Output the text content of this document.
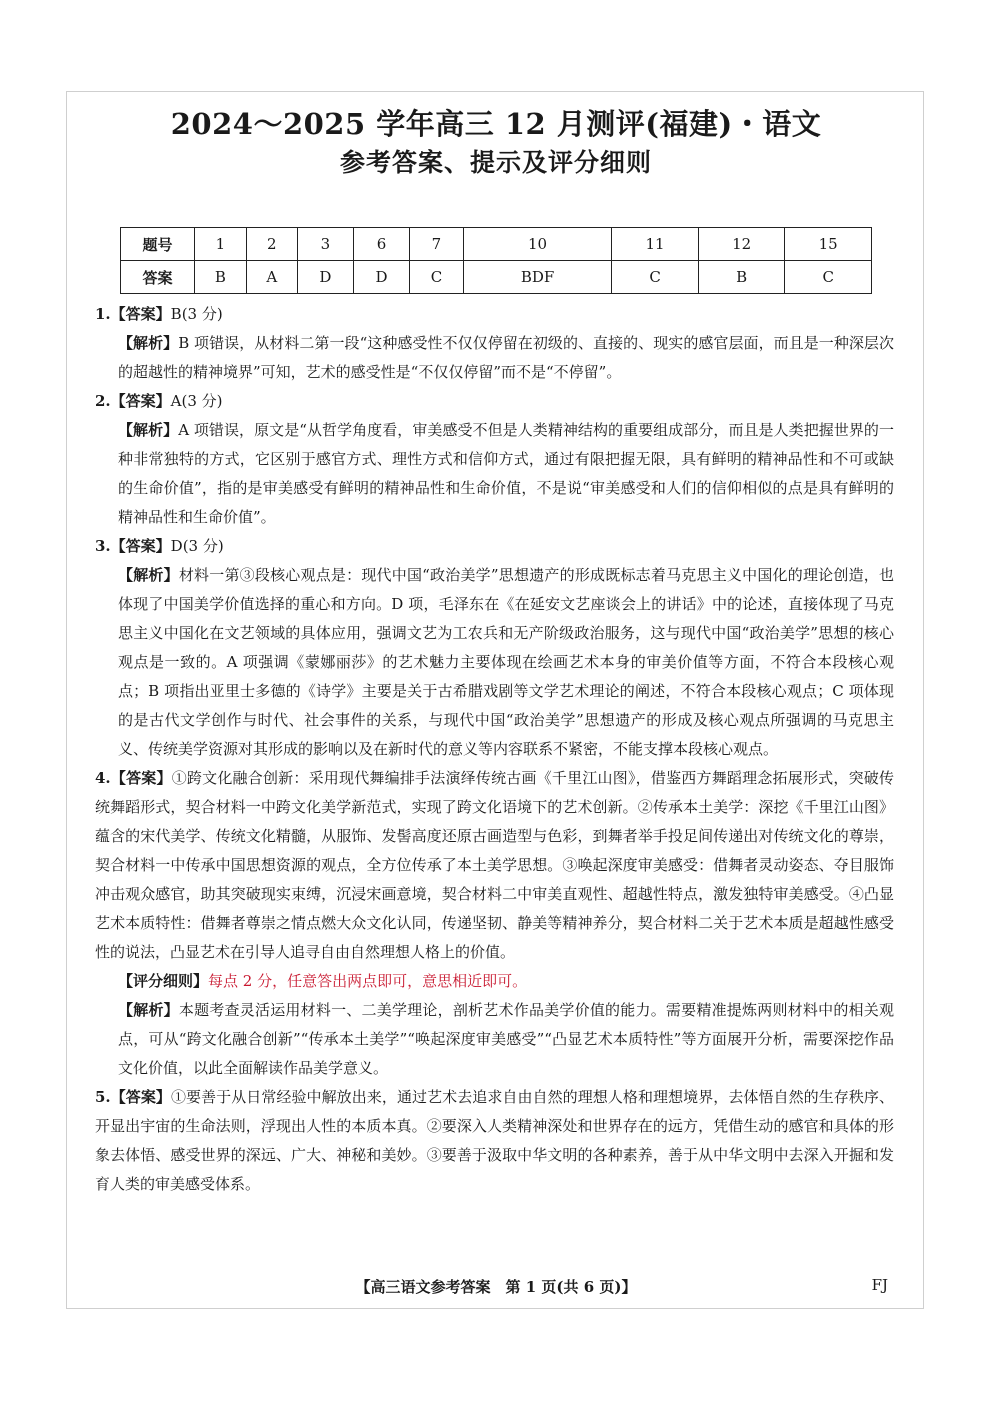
2024～2025 学年高三 12 月测评(福建)・语文
参考答案、提示及评分细则
题号	1	2	3	6	7	10	11	12	15
答案	B	A	D	D	C	BDF	C	B	C
1.【答案】B(3 分)
【解析】B 项错误，从材料二第一段“这种感受性不仅仅停留在初级的、直接的、现实的感官层面，而且是一种深层次的超越性的精神境界”可知，艺术的感受性是“不仅仅停留”而不是“不停留”。
2.【答案】A(3 分)
【解析】A 项错误，原文是“从哲学角度看，审美感受不但是人类精神结构的重要组成部分，而且是人类把握世界的一种非常独特的方式，它区别于感官方式、理性方式和信仰方式，通过有限把握无限，具有鲜明的精神品性和不可或缺的生命价值”，指的是审美感受有鲜明的精神品性和生命价值，不是说“审美感受和人们的信仰相似的点是具有鲜明的精神品性和生命价值”。
3.【答案】D(3 分)
【解析】材料一第③段核心观点是：现代中国“政治美学”思想遗产的形成既标志着马克思主义中国化的理论创造，也体现了中国美学价值选择的重心和方向。D 项，毛泽东在《在延安文艺座谈会上的讲话》中的论述，直接体现了马克思主义中国化在文艺领域的具体应用，强调文艺为工农兵和无产阶级政治服务，这与现代中国“政治美学”思想的核心观点是一致的。A 项强调《蒙娜丽莎》的艺术魅力主要体现在绘画艺术本身的审美价值等方面，不符合本段核心观点；B 项指出亚里士多德的《诗学》主要是关于古希腊戏剧等文学艺术理论的阐述，不符合本段核心观点；C 项体现的是古代文学创作与时代、社会事件的关系，与现代中国“政治美学”思想遗产的形成及核心观点所强调的马克思主义、传统美学资源对其形成的影响以及在新时代的意义等内容联系不紧密，不能支撑本段核心观点。
4.【答案】①跨文化融合创新：采用现代舞编排手法演绎传统古画《千里江山图》，借鉴西方舞蹈理念拓展形式，突破传统舞蹈形式，契合材料一中跨文化美学新范式，实现了跨文化语境下的艺术创新。②传承本土美学：深挖《千里江山图》蕴含的宋代美学、传统文化精髓，从服饰、发髻高度还原古画造型与色彩，到舞者举手投足间传递出对传统文化的尊崇，契合材料一中传承中国思想资源的观点，全方位传承了本土美学思想。③唤起深度审美感受：借舞者灵动姿态、夺目服饰冲击观众感官，助其突破现实束缚，沉浸宋画意境，契合材料二中审美直观性、超越性特点，激发独特审美感受。④凸显艺术本质特性：借舞者尊崇之情点燃大众文化认同，传递坚韧、静美等精神养分，契合材料二关于艺术本质是超越性感受性的说法，凸显艺术在引导人追寻自由自然理想人格上的价值。
【评分细则】每点 2 分，任意答出两点即可，意思相近即可。
【解析】本题考查灵活运用材料一、二美学理论，剖析艺术作品美学价值的能力。需要精准提炼两则材料中的相关观点，可从“跨文化融合创新”“传承本土美学”“唤起深度审美感受”“凸显艺术本质特性”等方面展开分析，需要深挖作品文化价值，以此全面解读作品美学意义。
5.【答案】①要善于从日常经验中解放出来，通过艺术去追求自由自然的理想人格和理想境界，去体悟自然的生存秩序、开显出宇宙的生命法则，浮现出人性的本质本真。②要深入人类精神深处和世界存在的远方，凭借生动的感官和具体的形象去体悟、感受世界的深远、广大、神秘和美妙。③要善于汲取中华文明的各种素养，善于从中华文明中去深入开掘和发育人类的审美感受体系。
【高三语文参考答案　第 1 页(共 6 页)】	FJ
